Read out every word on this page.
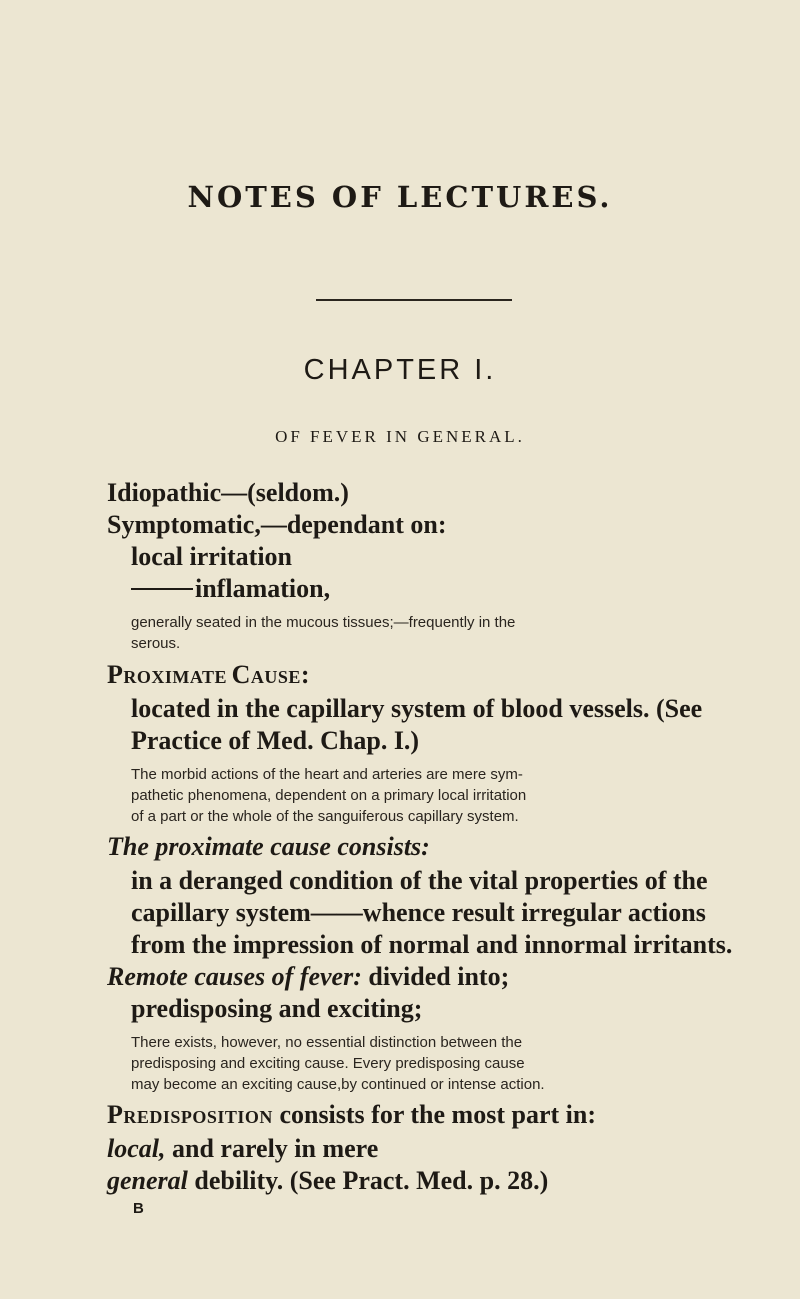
NOTES OF LECTURES.
CHAPTER I.
OF FEVER IN GENERAL.
Idiopathic—(seldom.)
Symptomatic,—dependant on:
local irritation
inflamation,
generally seated in the mucous tissues;—frequently in the
serous.
PROXIMATE CAUSE:
located in the capillary system of blood vessels. (See
Practice of Med. Chap. I.)
The morbid actions of the heart and arteries are mere sym-
pathetic phenomena, dependent on a primary local irritation
of a part or the whole of the sanguiferous capillary system.
The proximate cause consists:
in a deranged condition of the vital properties of the
capillary system——whence result irregular actions
from the impression of normal and innormal irritants.
Remote causes of fever: divided into;
predisposing and exciting;
There exists, however, no essential distinction between the
predisposing and exciting cause. Every predisposing cause
may become an exciting cause,by continued or intense action.
PREDISPOSITION consists for the most part in:
local, and rarely in mere
general debility. (See Pract. Med. p. 28.)
B
